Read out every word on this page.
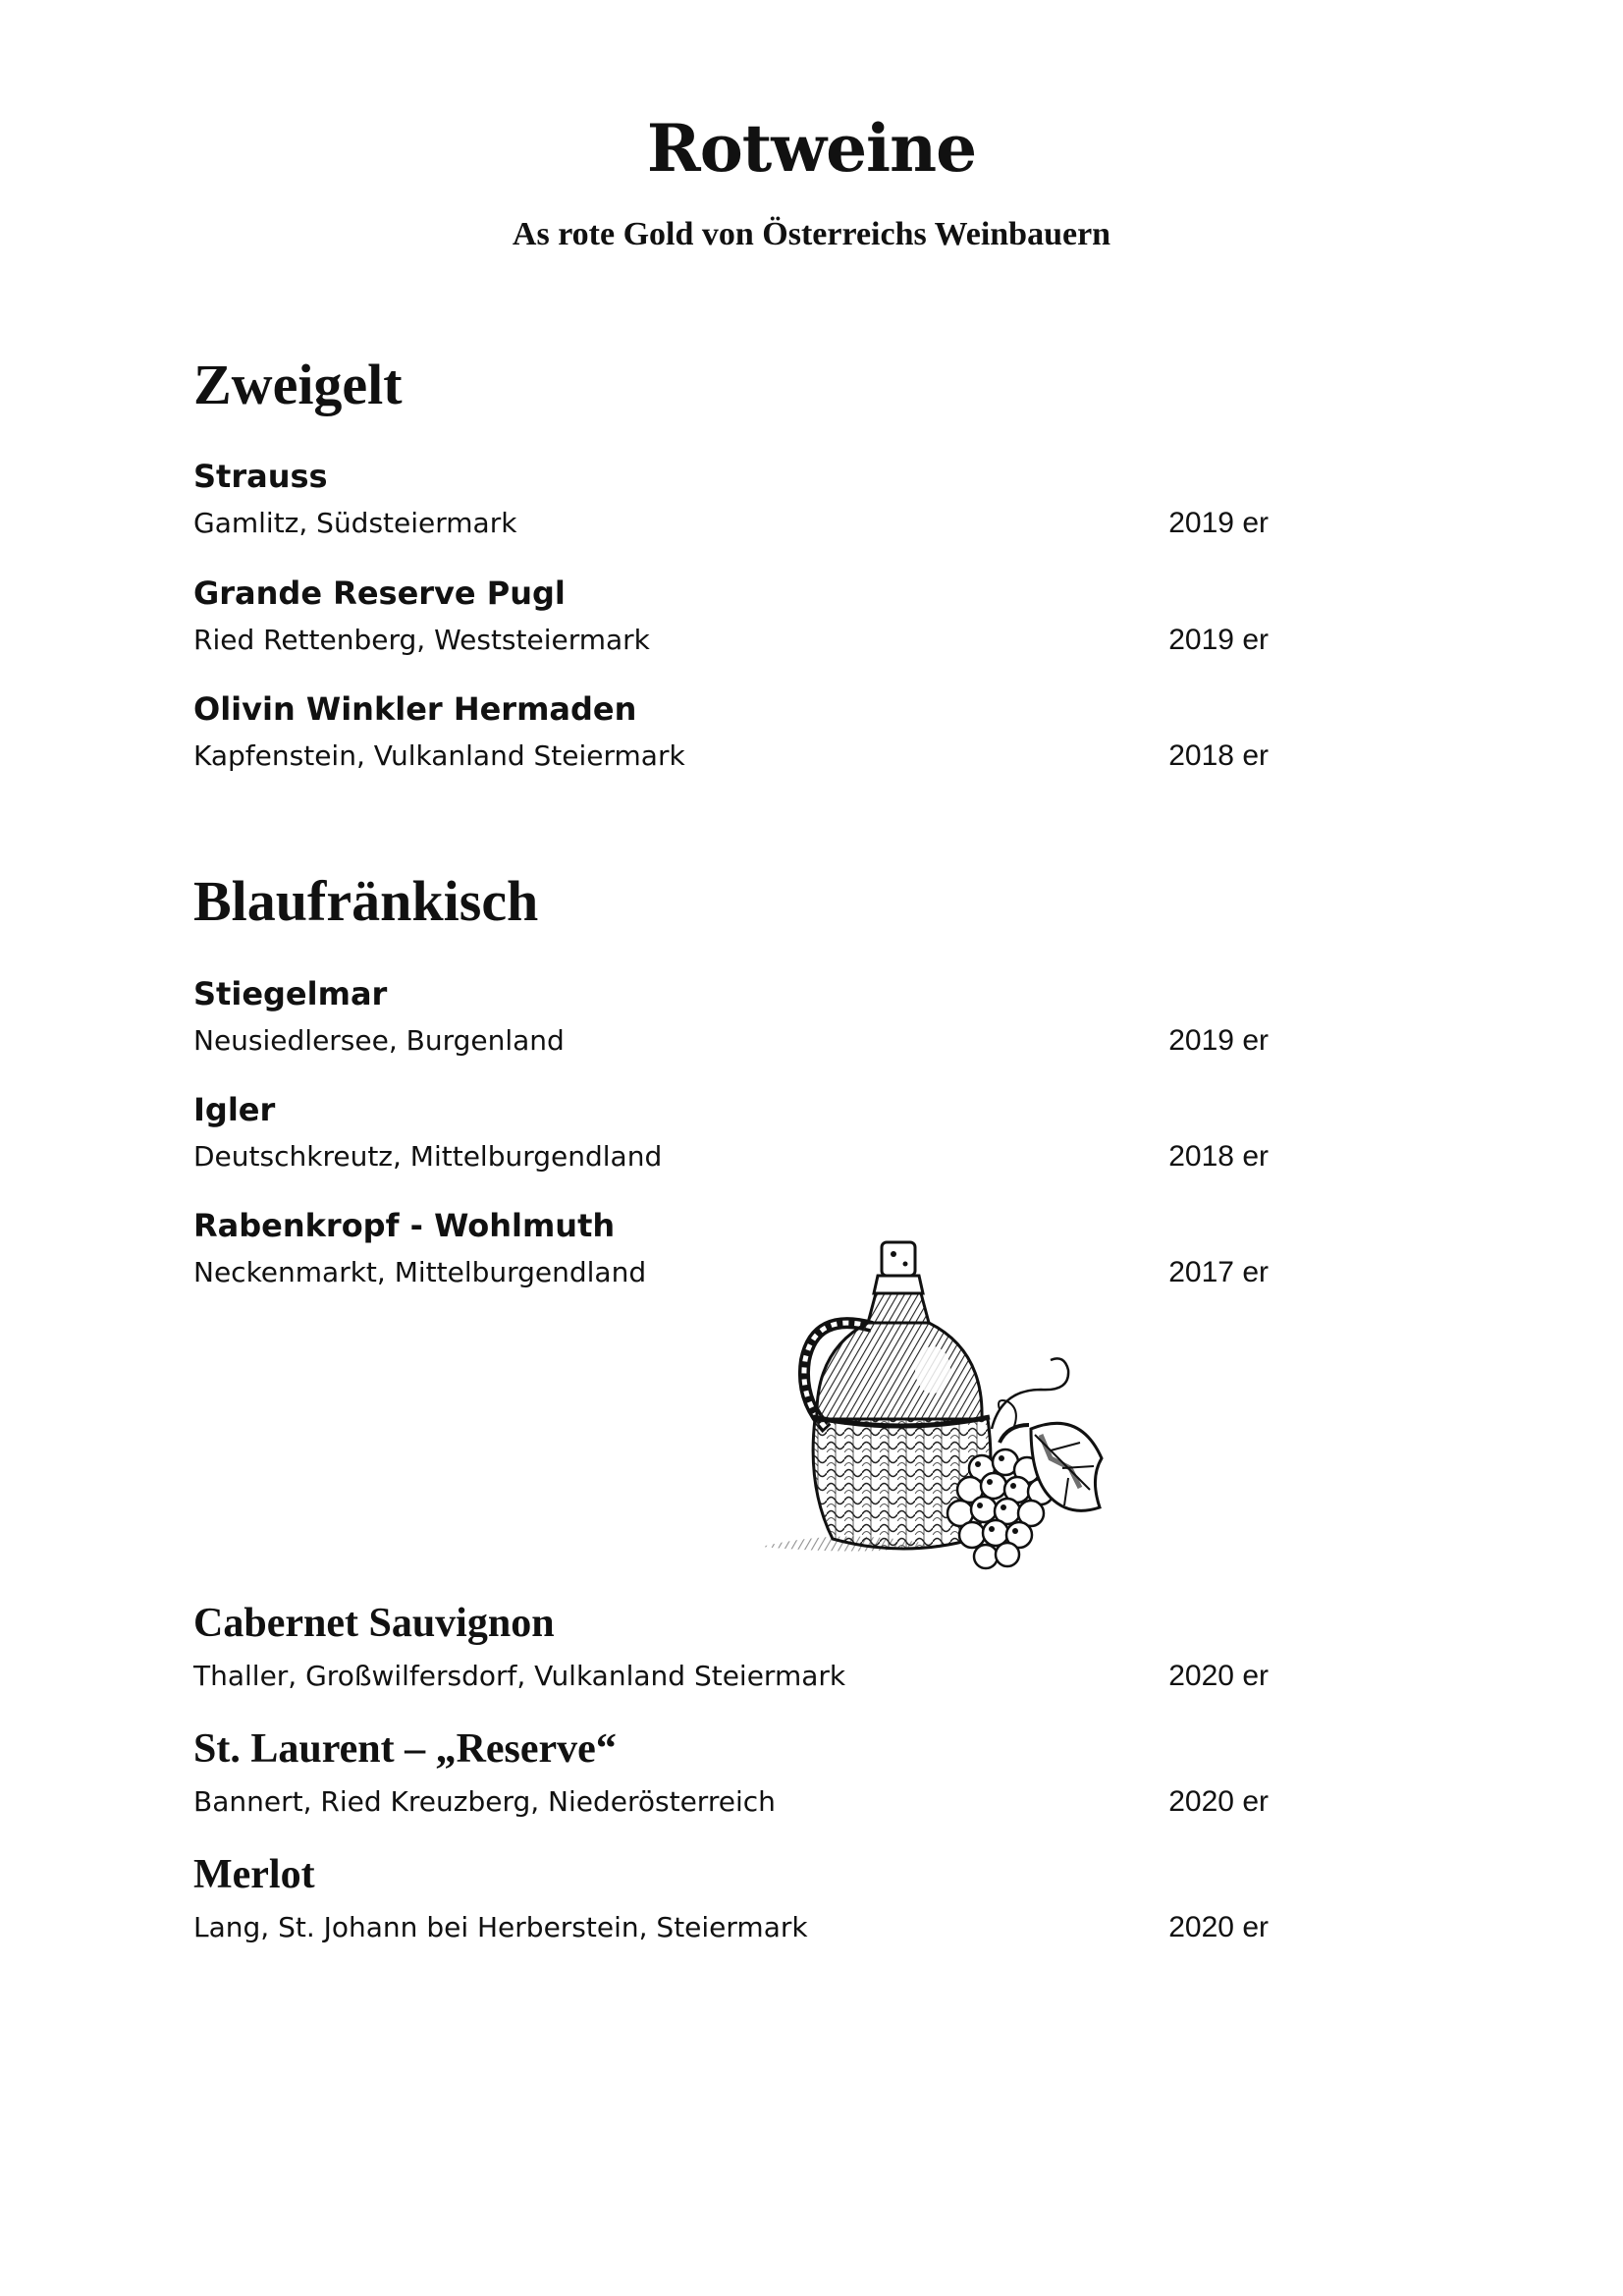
Rotweine
As rote Gold von Österreichs Weinbauern
Zweigelt
Strauss
Gamlitz, Südsteiermark	2019 er
Grande Reserve Pugl
Ried Rettenberg, Weststeiermark	2019 er
Olivin Winkler Hermaden
Kapfenstein, Vulkanland Steiermark	2018 er
Blaufränkisch
Stiegelmar
Neusiedlersee, Burgenland	2019 er
Igler
Deutschkreutz, Mittelburgendland	2018 er
Rabenkropf - Wohlmuth
Neckenmarkt, Mittelburgendland	2017 er
Cabernet Sauvignon
Thaller, Großwilfersdorf, Vulkanland Steiermark	2020 er
St. Laurent – „Reserve“
Bannert, Ried Kreuzberg, Niederösterreich	2020 er
Merlot
Lang, St. Johann bei Herberstein, Steiermark	2020 er
